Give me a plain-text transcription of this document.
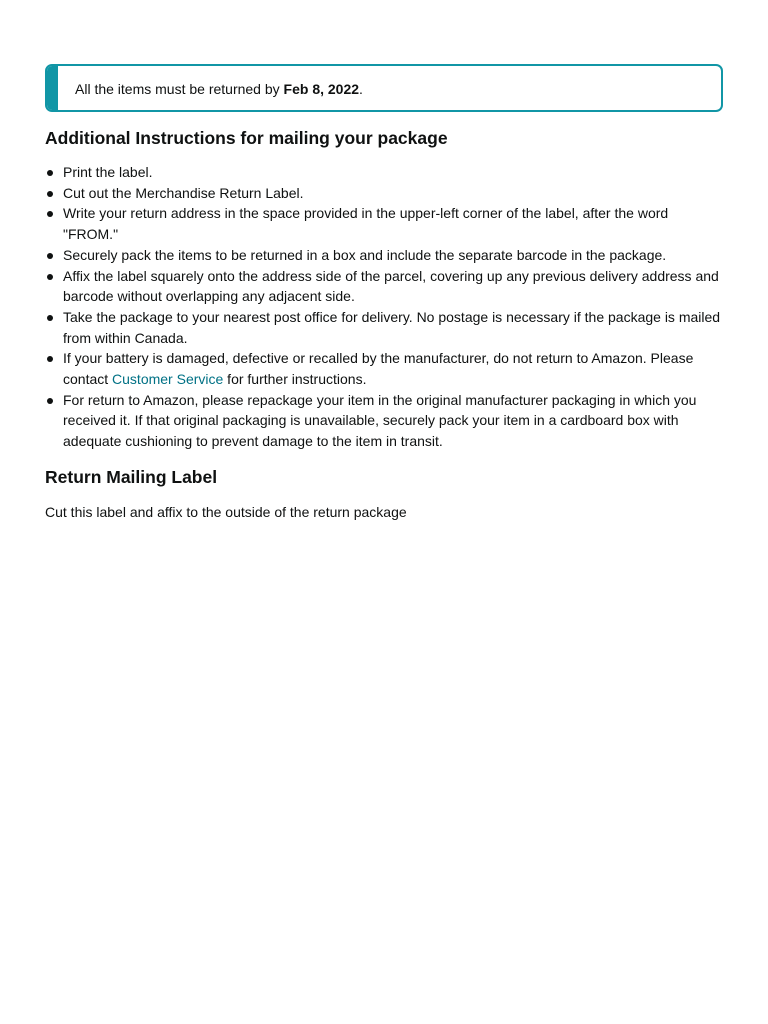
All the items must be returned by Feb 8, 2022.
Additional Instructions for mailing your package
Print the label.
Cut out the Merchandise Return Label.
Write your return address in the space provided in the upper-left corner of the label, after the word "FROM."
Securely pack the items to be returned in a box and include the separate barcode in the package.
Affix the label squarely onto the address side of the parcel, covering up any previous delivery address and barcode without overlapping any adjacent side.
Take the package to your nearest post office for delivery. No postage is necessary if the package is mailed from within Canada.
If your battery is damaged, defective or recalled by the manufacturer, do not return to Amazon. Please contact Customer Service for further instructions.
For return to Amazon, please repackage your item in the original manufacturer packaging in which you received it. If that original packaging is unavailable, securely pack your item in a cardboard box with adequate cushioning to prevent damage to the item in transit.
Return Mailing Label
Cut this label and affix to the outside of the return package
